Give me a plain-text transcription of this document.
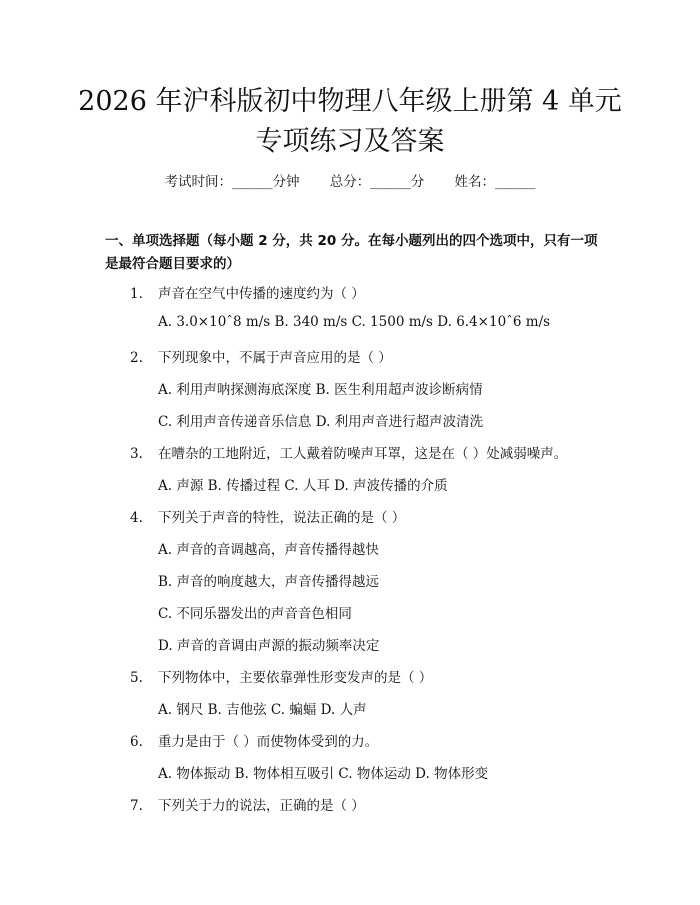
2026 年沪科版初中物理八年级上册第 4 单元
专项练习及答案
考试时间：______分钟 总分：______分 姓名：______
一、单项选择题（每小题 2 分，共 20 分。在每小题列出的四个选项中，只有一项是最符合题目要求的）
1. 声音在空气中传播的速度约为（ ）
A. 3.0×10ˆ8 m/s B. 340 m/s C. 1500 m/s D. 6.4×10ˆ6 m/s
2. 下列现象中，不属于声音应用的是（ ）
A. 利用声呐探测海底深度 B. 医生利用超声波诊断病情
C. 利用声音传递音乐信息 D. 利用声音进行超声波清洗
3. 在嘈杂的工地附近，工人戴着防噪声耳罩，这是在（ ）处减弱噪声。
A. 声源 B. 传播过程 C. 人耳 D. 声波传播的介质
4. 下列关于声音的特性，说法正确的是（ ）
A. 声音的音调越高，声音传播得越快
B. 声音的响度越大，声音传播得越远
C. 不同乐器发出的声音音色相同
D. 声音的音调由声源的振动频率决定
5. 下列物体中，主要依靠弹性形变发声的是（ ）
A. 钢尺 B. 吉他弦 C. 蝙蝠 D. 人声
6. 重力是由于（ ）而使物体受到的力。
A. 物体振动 B. 物体相互吸引 C. 物体运动 D. 物体形变
7. 下列关于力的说法，正确的是（ ）
